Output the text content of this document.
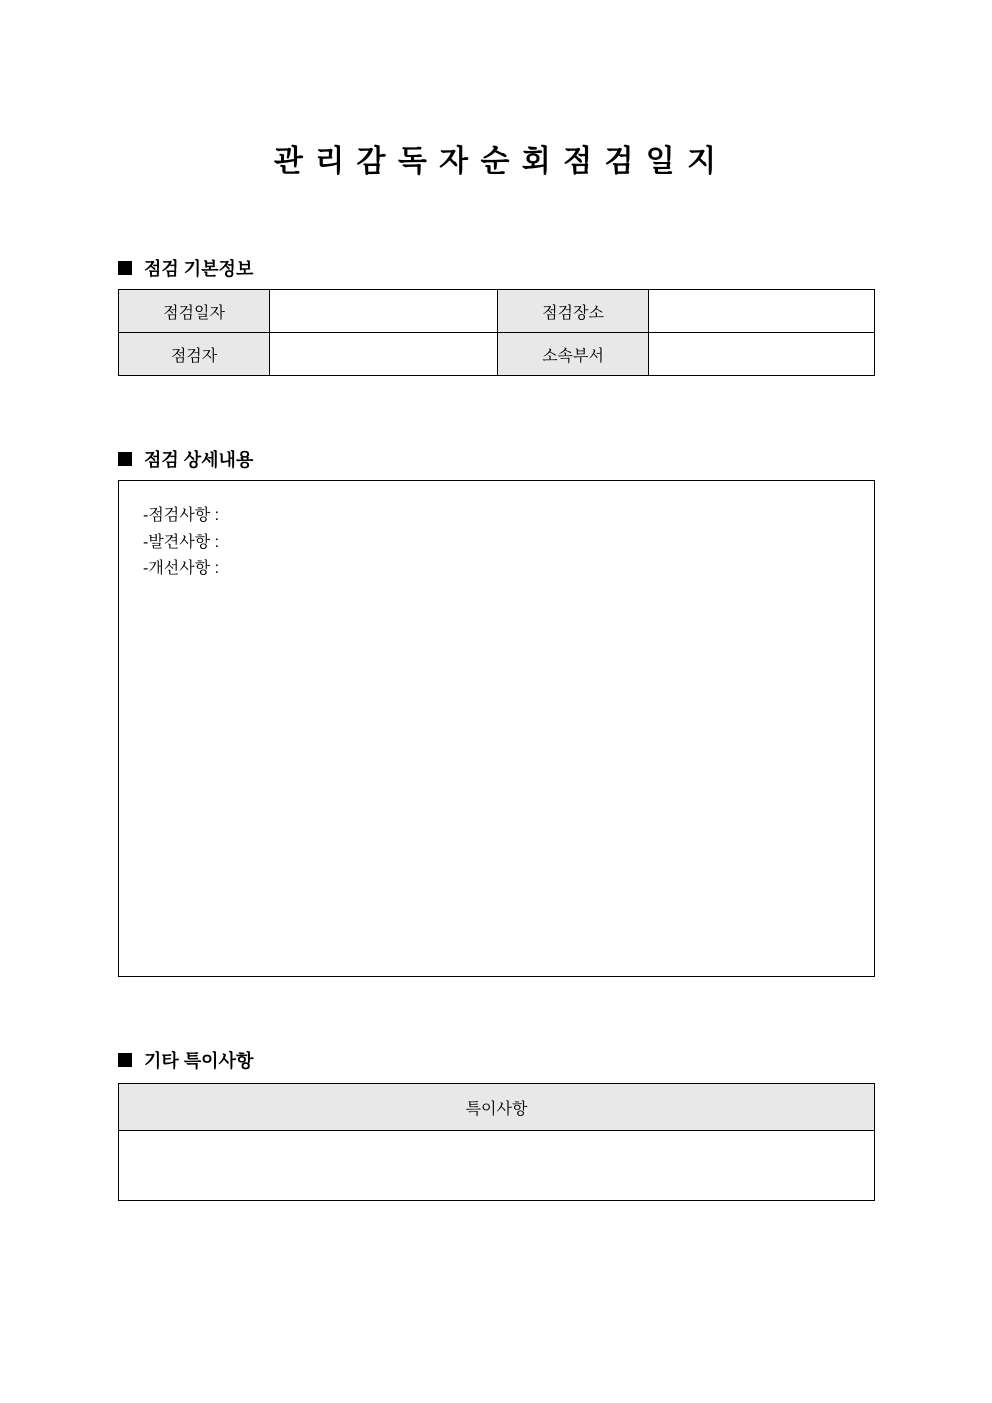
관 리 감 독 자 순 회 점 검 일 지
점검 기본정보
점검일자		점검장소	
점검자		소속부서	
점검 상세내용
-점검사항 :
-발견사항 :
-개선사항 :
기타 특이사항
특이사항
